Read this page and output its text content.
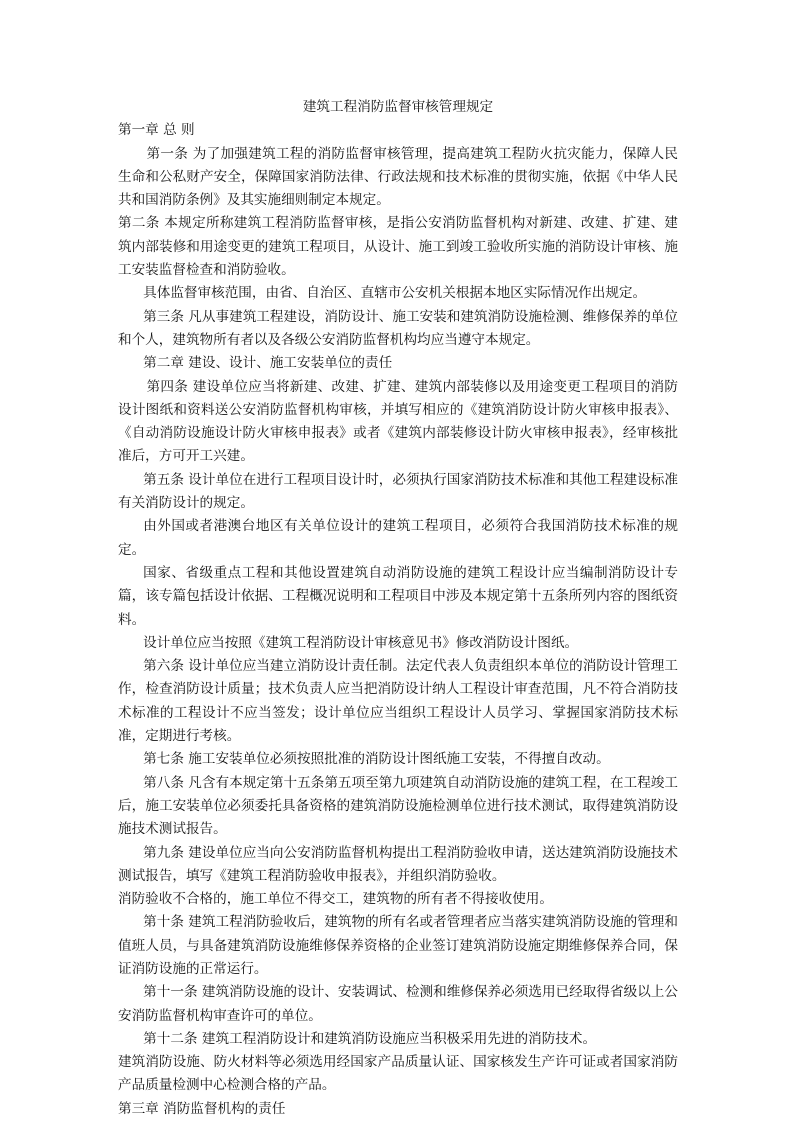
建筑工程消防监督审核管理规定

第一章 总 则

第一条 为了加强建筑工程的消防监督审核管理，提高建筑工程防火抗灾能力，保障人民生命和公私财产安全，保障国家消防法律、行政法规和技术标准的贯彻实施，依据《中华人民共和国消防条例》及其实施细则制定本规定。

第二条 本规定所称建筑工程消防监督审核，是指公安消防监督机构对新建、改建、扩建、建筑内部装修和用途变更的建筑工程项目，从设计、施工到竣工验收所实施的消防设计审核、施工安装监督检查和消防验收。

具体监督审核范围，由省、自治区、直辖市公安机关根据本地区实际情况作出规定。

第三条 凡从事建筑工程建设，消防设计、施工安装和建筑消防设施检测、维修保养的单位和个人，建筑物所有者以及各级公安消防监督机构均应当遵守本规定。

第二章 建设、设计、施工安装单位的责任

第四条 建设单位应当将新建、改建、扩建、建筑内部装修以及用途变更工程项目的消防设计图纸和资料送公安消防监督机构审核，并填写相应的《建筑消防设计防火审核申报表》、《自动消防设施设计防火审核申报表》或者《建筑内部装修设计防火审核申报表》，经审核批准后，方可开工兴建。

第五条 设计单位在进行工程项目设计时，必须执行国家消防技术标准和其他工程建设标准有关消防设计的规定。

由外国或者港澳台地区有关单位设计的建筑工程项目，必须符合我国消防技术标准的规定。

国家、省级重点工程和其他设置建筑自动消防设施的建筑工程设计应当编制消防设计专篇，该专篇包括设计依据、工程概况说明和工程项目中涉及本规定第十五条所列内容的图纸资料。

设计单位应当按照《建筑工程消防设计审核意见书》修改消防设计图纸。

第六条 设计单位应当建立消防设计责任制。法定代表人负责组织本单位的消防设计管理工作，检查消防设计质量；技术负责人应当把消防设计纳人工程设计审查范围，凡不符合消防技术标准的工程设计不应当签发；设计单位应当组织工程设计人员学习、掌握国家消防技术标准，定期进行考核。

第七条 施工安装单位必须按照批准的消防设计图纸施工安装，不得擅自改动。

第八条 凡含有本规定第十五条第五项至第九项建筑自动消防设施的建筑工程，在工程竣工后，施工安装单位必须委托具备资格的建筑消防设施检测单位进行技术测试，取得建筑消防设施技术测试报告。

第九条 建设单位应当向公安消防监督机构提出工程消防验收申请，送达建筑消防设施技术测试报告，填写《建筑工程消防验收申报表》，并组织消防验收。

消防验收不合格的，施工单位不得交工，建筑物的所有者不得接收使用。

第十条 建筑工程消防验收后，建筑物的所有名或者管理者应当落实建筑消防设施的管理和值班人员，与具备建筑消防设施维修保养资格的企业签订建筑消防设施定期维修保养合同，保证消防设施的正常运行。

第十一条 建筑消防设施的设计、安装调试、检测和维修保养必须选用已经取得省级以上公安消防监督机构审查许可的单位。

第十二条 建筑工程消防设计和建筑消防设施应当积极采用先进的消防技术。

建筑消防设施、防火材料等必须选用经国家产品质量认证、国家核发生产许可证或者国家消防产品质量检测中心检测合格的产品。

第三章 消防监督机构的责任
